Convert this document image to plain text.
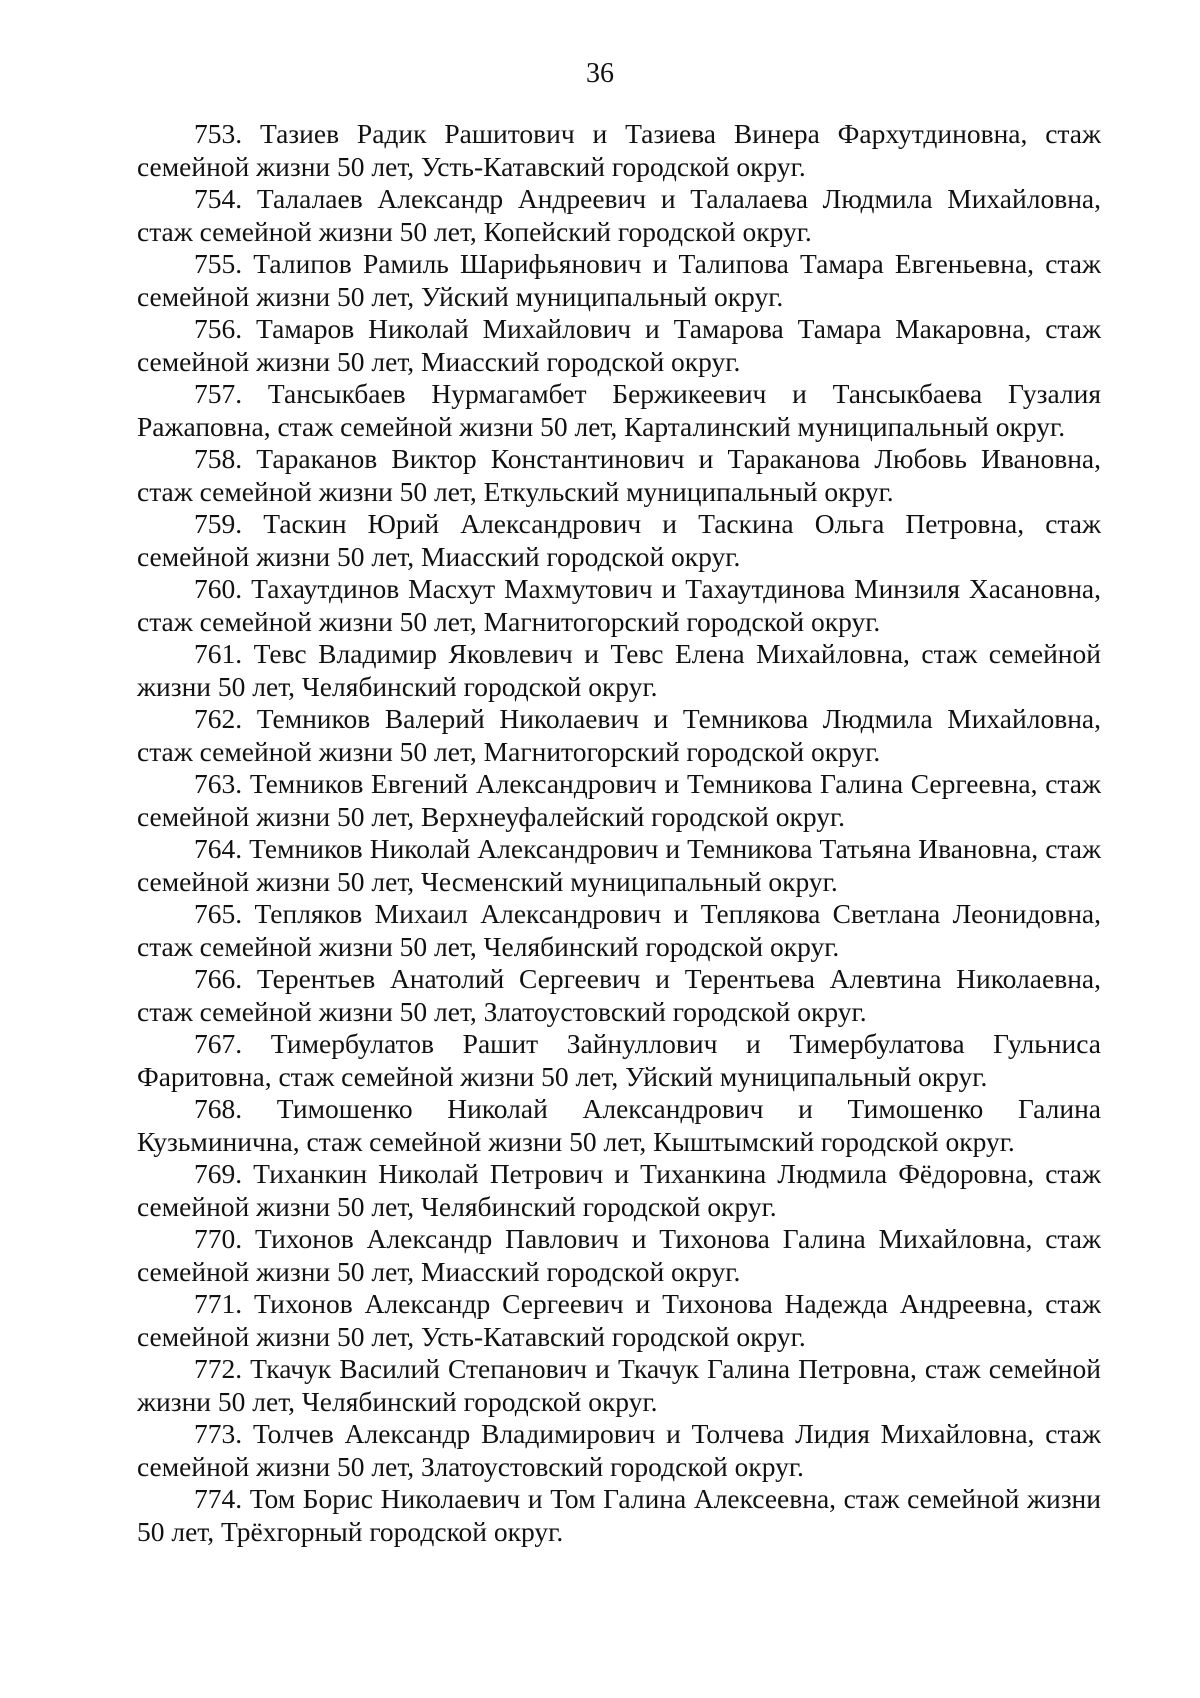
36

753. Тазиев Радик Рашитович и Тазиева Винера Фархутдиновна, стаж семейной жизни 50 лет, Усть-Катавский городской округ.

754. Талалаев Александр Андреевич и Талалаева Людмила Михайловна, стаж семейной жизни 50 лет, Копейский городской округ.

755. Талипов Рамиль Шарифьянович и Талипова Тамара Евгеньевна, стаж семейной жизни 50 лет, Уйский муниципальный округ.

756. Тамаров Николай Михайлович и Тамарова Тамара Макаровна, стаж семейной жизни 50 лет, Миасский городской округ.

757. Тансыкбаев Нурмагамбет Бержикеевич и Тансыкбаева Гузалия Ражаповна, стаж семейной жизни 50 лет, Карталинский муниципальный округ.

758. Тараканов Виктор Константинович и Тараканова Любовь Ивановна, стаж семейной жизни 50 лет, Еткульский муниципальный округ.

759. Таскин Юрий Александрович и Таскина Ольга Петровна, стаж семейной жизни 50 лет, Миасский городской округ.

760. Тахаутдинов Масхут Махмутович и Тахаутдинова Минзиля Хасановна, стаж семейной жизни 50 лет, Магнитогорский городской округ.

761. Тевс Владимир Яковлевич и Тевс Елена Михайловна, стаж семейной жизни 50 лет, Челябинский городской округ.

762. Темников Валерий Николаевич и Темникова Людмила Михайловна, стаж семейной жизни 50 лет, Магнитогорский городской округ.

763. Темников Евгений Александрович и Темникова Галина Сергеевна, стаж семейной жизни 50 лет, Верхнеуфалейский городской округ.

764. Темников Николай Александрович и Темникова Татьяна Ивановна, стаж семейной жизни 50 лет, Чесменский муниципальный округ.

765. Тепляков Михаил Александрович и Теплякова Светлана Леонидовна, стаж семейной жизни 50 лет, Челябинский городской округ.

766. Терентьев Анатолий Сергеевич и Терентьева Алевтина Николаевна, стаж семейной жизни 50 лет, Златоустовский городской округ.

767. Тимербулатов Рашит Зайнуллович и Тимербулатова Гульниса Фаритовна, стаж семейной жизни 50 лет, Уйский муниципальный округ.

768. Тимошенко Николай Александрович и Тимошенко Галина Кузьминична, стаж семейной жизни 50 лет, Кыштымский городской округ.

769. Тиханкин Николай Петрович и Тиханкина Людмила Фёдоровна, стаж семейной жизни 50 лет, Челябинский городской округ.

770. Тихонов Александр Павлович и Тихонова Галина Михайловна, стаж семейной жизни 50 лет, Миасский городской округ.

771. Тихонов Александр Сергеевич и Тихонова Надежда Андреевна, стаж семейной жизни 50 лет, Усть-Катавский городской округ.

772. Ткачук Василий Степанович и Ткачук Галина Петровна, стаж семейной жизни 50 лет, Челябинский городской округ.

773. Толчев Александр Владимирович и Толчева Лидия Михайловна, стаж семейной жизни 50 лет, Златоустовский городской округ.

774. Том Борис Николаевич и Том Галина Алексеевна, стаж семейной жизни 50 лет, Трёхгорный городской округ.
